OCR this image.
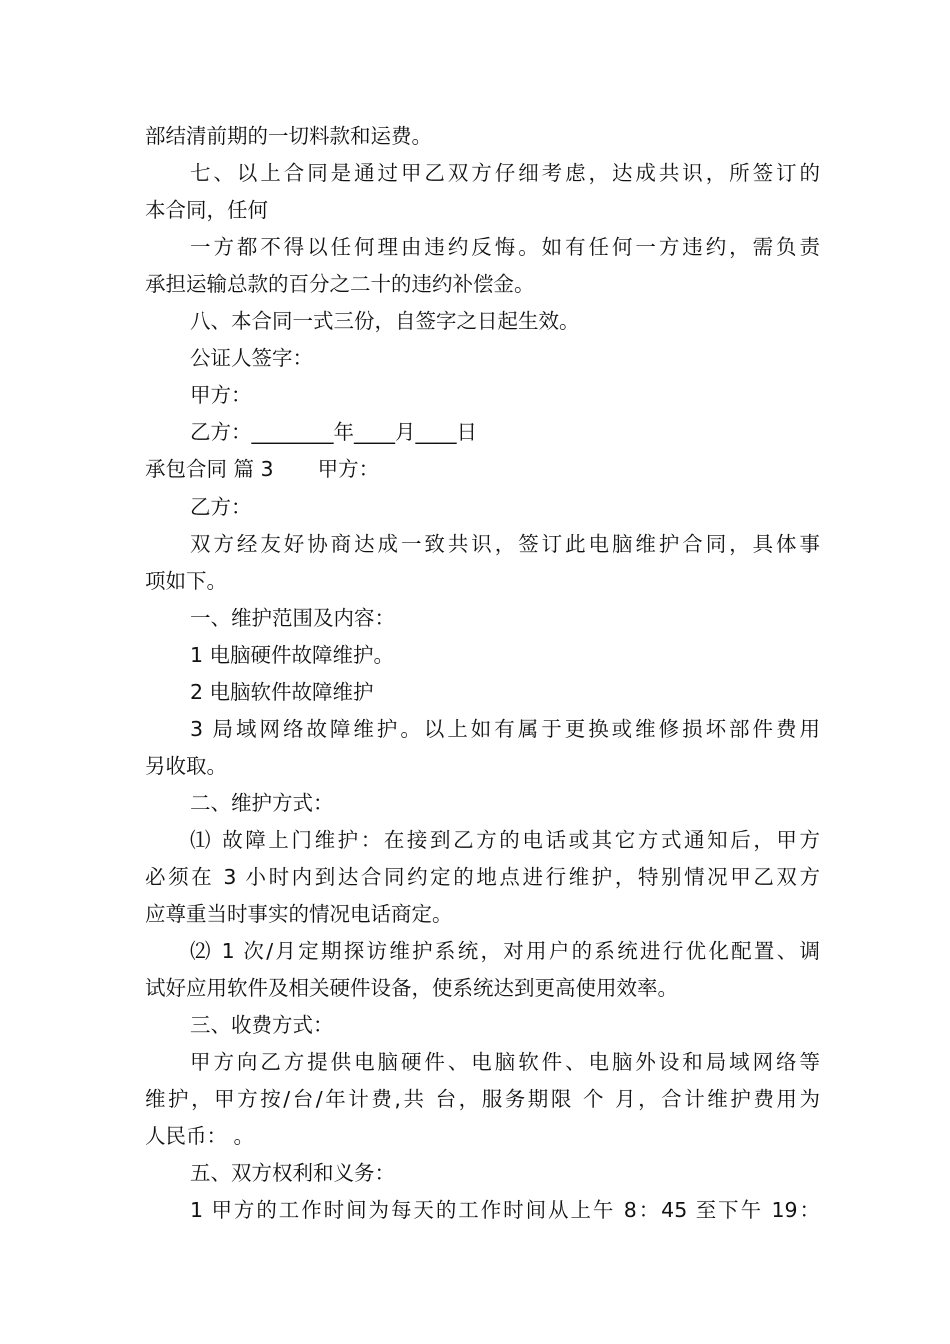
部结清前期的一切料款和运费。
七、以上合同是通过甲乙双方仔细考虑，达成共识，所签订的
本合同，任何
一方都不得以任何理由违约反悔。如有任何一方违约，需负责
承担运输总款的百分之二十的违约补偿金。
八、本合同一式三份，自签字之日起生效。
公证人签字：
甲方：
乙方：________年____月____日
承包合同 篇 3 甲方：
乙方：
双方经友好协商达成一致共识，签订此电脑维护合同，具体事
项如下。
一、维护范围及内容：
1 电脑硬件故障维护。
2 电脑软件故障维护
3 局域网络故障维护。以上如有属于更换或维修损坏部件费用
另收取。
二、维护方式：
⑴ 故障上门维护：在接到乙方的电话或其它方式通知后，甲方
必须在 3 小时内到达合同约定的地点进行维护，特别情况甲乙双方
应尊重当时事实的情况电话商定。
⑵ 1 次/月定期探访维护系统，对用户的系统进行优化配置、调
试好应用软件及相关硬件设备，使系统达到更高使用效率。
三、收费方式：
甲方向乙方提供电脑硬件、电脑软件、电脑外设和局域网络等
维护，甲方按/台/年计费,共 台，服务期限 个 月，合计维护费用为
人民币： 。
五、双方权利和义务：
1 甲方的工作时间为每天的工作时间从上午 8：45 至下午 19：
